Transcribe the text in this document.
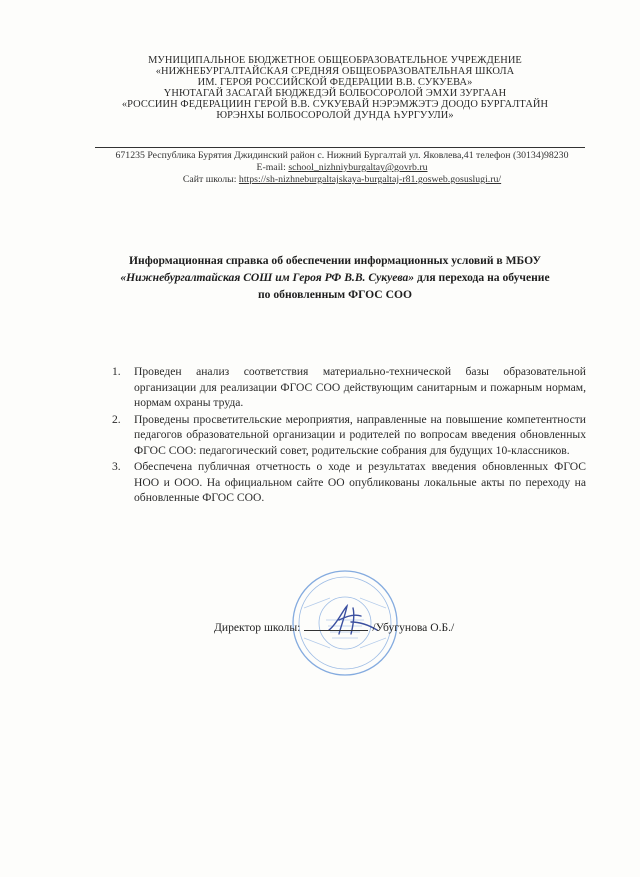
МУНИЦИПАЛЬНОЕ БЮДЖЕТНОЕ ОБЩЕОБРАЗОВАТЕЛЬНОЕ УЧРЕЖДЕНИЕ
«НИЖНЕБУРГАЛТАЙСКАЯ СРЕДНЯЯ ОБЩЕОБРАЗОВАТЕЛЬНАЯ ШКОЛА
ИМ. ГЕРОЯ РОССИЙСКОЙ ФЕДЕРАЦИИ В.В. СУКУЕВА»
ҮНЮТАГАЙ ЗАСАГАЙ БЮДЖЕДЭЙ БОЛБОСОРОЛОЙ ЭМХИ ЗУРГААН
«РОССИИН ФЕДЕРАЦИИН ГЕРОЙ В.В. СУКУЕВАЙ НЭРЭМЖЭТЭ ДООДО БУРГАЛТАЙН
ЮРЭНХЫ БОЛБОСОРОЛОЙ ДУНДА ҺУРГУУЛИ»
671235 Республика Бурятия Джидинский район с. Нижний Бургалтай ул. Яковлева,41 телефон (30134)98230
E-mail: school_nizhniyburgaltay@govrb.ru
Сайт школы: https://sh-nizhneburgaltajskaya-burgaltaj-r81.gosweb.gosuslugi.ru/
Информационная справка об обеспечении информационных условий в МБОУ
«Нижнебургалтайская СОШ им Героя РФ В.В. Сукуева» для перехода на обучение
по обновленным ФГОС СОО
1. Проведен анализ соответствия материально-технической базы образовательной организации для реализации ФГОС СОО действующим санитарным и пожарным нормам, нормам охраны труда.
2. Проведены просветительские мероприятия, направленные на повышение компетентности педагогов образовательной организации и родителей по вопросам введения обновленных ФГОС СОО: педагогический совет, родительские собрания для будущих 10-классников.
3. Обеспечена публичная отчетность о ходе и результатах введения обновленных ФГОС НОО и ООО. На официальном сайте ОО опубликованы локальные акты по переходу на обновленные ФГОС СОО.
Директор школы:	/Убугунова О.Б./
